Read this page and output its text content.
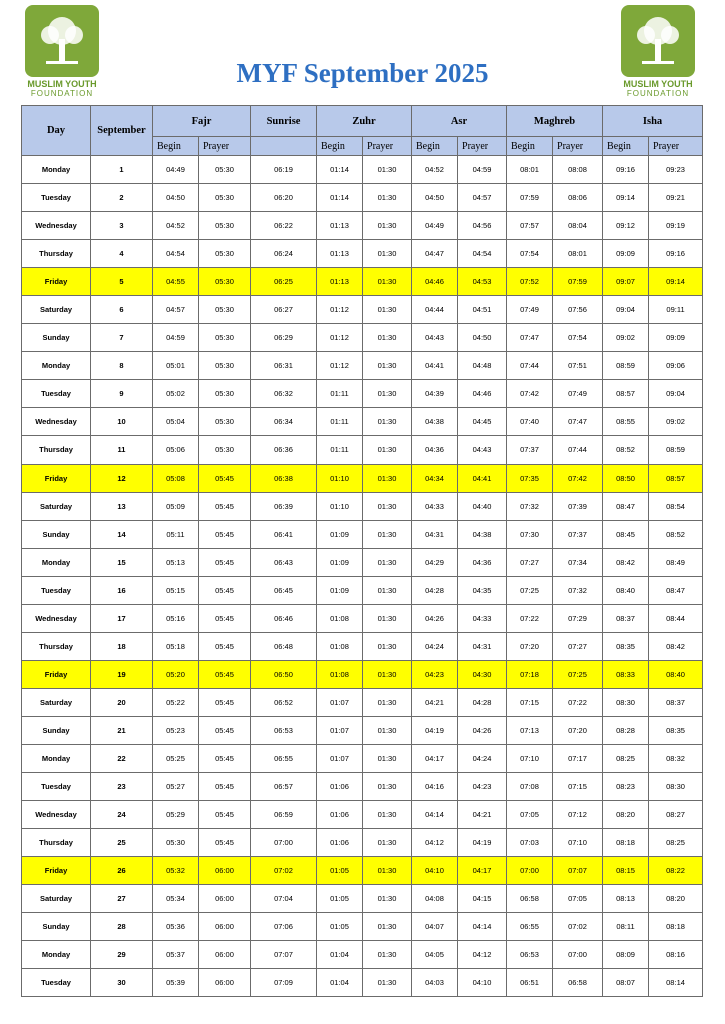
MUSLIM YOUTH
FOUNDATION
MUSLIM YOUTH
FOUNDATION
MYF September 2025
Day	September	Fajr		Sunrise	Zuhr		Asr		Maghreb		Isha	
		Begin	Prayer		Begin	Prayer	Begin	Prayer	Begin	Prayer	Begin	Prayer
Monday	1	04:49	05:30	06:19	01:14	01:30	04:52	04:59	08:01	08:08	09:16	09:23
Tuesday	2	04:50	05:30	06:20	01:14	01:30	04:50	04:57	07:59	08:06	09:14	09:21
Wednesday	3	04:52	05:30	06:22	01:13	01:30	04:49	04:56	07:57	08:04	09:12	09:19
Thursday	4	04:54	05:30	06:24	01:13	01:30	04:47	04:54	07:54	08:01	09:09	09:16
Friday	5	04:55	05:30	06:25	01:13	01:30	04:46	04:53	07:52	07:59	09:07	09:14
Saturday	6	04:57	05:30	06:27	01:12	01:30	04:44	04:51	07:49	07:56	09:04	09:11
Sunday	7	04:59	05:30	06:29	01:12	01:30	04:43	04:50	07:47	07:54	09:02	09:09
Monday	8	05:01	05:30	06:31	01:12	01:30	04:41	04:48	07:44	07:51	08:59	09:06
Tuesday	9	05:02	05:30	06:32	01:11	01:30	04:39	04:46	07:42	07:49	08:57	09:04
Wednesday	10	05:04	05:30	06:34	01:11	01:30	04:38	04:45	07:40	07:47	08:55	09:02
Thursday	11	05:06	05:30	06:36	01:11	01:30	04:36	04:43	07:37	07:44	08:52	08:59
Friday	12	05:08	05:45	06:38	01:10	01:30	04:34	04:41	07:35	07:42	08:50	08:57
Saturday	13	05:09	05:45	06:39	01:10	01:30	04:33	04:40	07:32	07:39	08:47	08:54
Sunday	14	05:11	05:45	06:41	01:09	01:30	04:31	04:38	07:30	07:37	08:45	08:52
Monday	15	05:13	05:45	06:43	01:09	01:30	04:29	04:36	07:27	07:34	08:42	08:49
Tuesday	16	05:15	05:45	06:45	01:09	01:30	04:28	04:35	07:25	07:32	08:40	08:47
Wednesday	17	05:16	05:45	06:46	01:08	01:30	04:26	04:33	07:22	07:29	08:37	08:44
Thursday	18	05:18	05:45	06:48	01:08	01:30	04:24	04:31	07:20	07:27	08:35	08:42
Friday	19	05:20	05:45	06:50	01:08	01:30	04:23	04:30	07:18	07:25	08:33	08:40
Saturday	20	05:22	05:45	06:52	01:07	01:30	04:21	04:28	07:15	07:22	08:30	08:37
Sunday	21	05:23	05:45	06:53	01:07	01:30	04:19	04:26	07:13	07:20	08:28	08:35
Monday	22	05:25	05:45	06:55	01:07	01:30	04:17	04:24	07:10	07:17	08:25	08:32
Tuesday	23	05:27	05:45	06:57	01:06	01:30	04:16	04:23	07:08	07:15	08:23	08:30
Wednesday	24	05:29	05:45	06:59	01:06	01:30	04:14	04:21	07:05	07:12	08:20	08:27
Thursday	25	05:30	05:45	07:00	01:06	01:30	04:12	04:19	07:03	07:10	08:18	08:25
Friday	26	05:32	06:00	07:02	01:05	01:30	04:10	04:17	07:00	07:07	08:15	08:22
Saturday	27	05:34	06:00	07:04	01:05	01:30	04:08	04:15	06:58	07:05	08:13	08:20
Sunday	28	05:36	06:00	07:06	01:05	01:30	04:07	04:14	06:55	07:02	08:11	08:18
Monday	29	05:37	06:00	07:07	01:04	01:30	04:05	04:12	06:53	07:00	08:09	08:16
Tuesday	30	05:39	06:00	07:09	01:04	01:30	04:03	04:10	06:51	06:58	08:07	08:14
